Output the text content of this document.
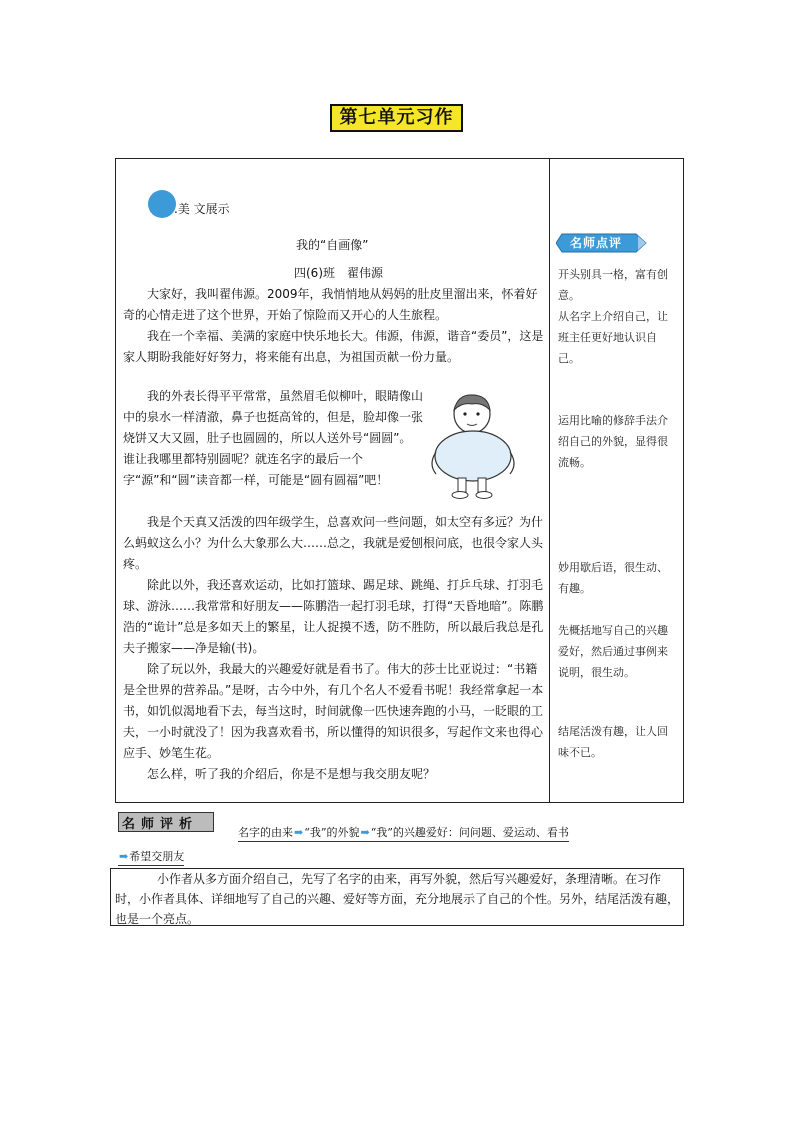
第七单元习作
.美 文展示
我的“自画像”
四(6)班　翟伟源

大家好，我叫翟伟源。2009年，我悄悄地从妈妈的肚皮里溜出来，怀着好奇的心情走进了这个世界，开始了惊险而又开心的人生旅程。

我在一个幸福、美满的家庭中快乐地长大。伟源，伟源，谐音“委员”，这是家人期盼我能好好努力，将来能有出息，为祖国贡献一份力量。

我的外表长得平平常常，虽然眉毛似柳叶，眼睛像山中的泉水一样清澈，鼻子也挺高耸的，但是，脸却像一张烧饼又大又圆，肚子也圆圆的，所以人送外号“圆圆”。谁让我哪里都特别圆呢？就连名字的最后一个字“源”和“圆”读音都一样，可能是“圆有圆福”吧！

我是个天真又活泼的四年级学生，总喜欢问一些问题，如太空有多远？为什么蚂蚁这么小？为什么大象那么大……总之，我就是爱刨根问底，也很令家人头疼。

除此以外，我还喜欢运动，比如打篮球、踢足球、跳绳、打乒乓球、打羽毛球、游泳……我常常和好朋友——陈鹏浩一起打羽毛球，打得“天昏地暗”。陈鹏浩的“诡计”总是多如天上的繁星，让人捉摸不透，防不胜防，所以最后我总是孔夫子搬家——净是输(书)。

除了玩以外，我最大的兴趣爱好就是看书了。伟大的莎士比亚说过：“书籍是全世界的营养品。”是呀，古今中外，有几个名人不爱看书呢！我经常拿起一本书，如饥似渴地看下去，每当这时，时间就像一匹快速奔跑的小马，一眨眼的工夫，一小时就没了！因为我喜欢看书，所以懂得的知识很多，写起作文来也得心应手、妙笔生花。

怎么样，听了我的介绍后，你是不是想与我交朋友呢？

名师点评

开头别具一格，富有创意。

从名字上介绍自己，让班主任更好地认识自己。

运用比喻的修辞手法介绍自己的外貌，显得很流畅。

妙用歇后语，很生动、有趣。

先概括地写自己的兴趣爱好，然后通过事例来说明，很生动。

结尾活泼有趣，让人回味不已。

名师评析
名字的由来➡“我”的外貌➡“我”的兴趣爱好：问问题、爱运动、看书
➡希望交朋友

小作者从多方面介绍自己，先写了名字的由来，再写外貌，然后写兴趣爱好，条理清晰。在习作时，小作者具体、详细地写了自己的兴趣、爱好等方面，充分地展示了自己的个性。另外，结尾活泼有趣，也是一个亮点。
